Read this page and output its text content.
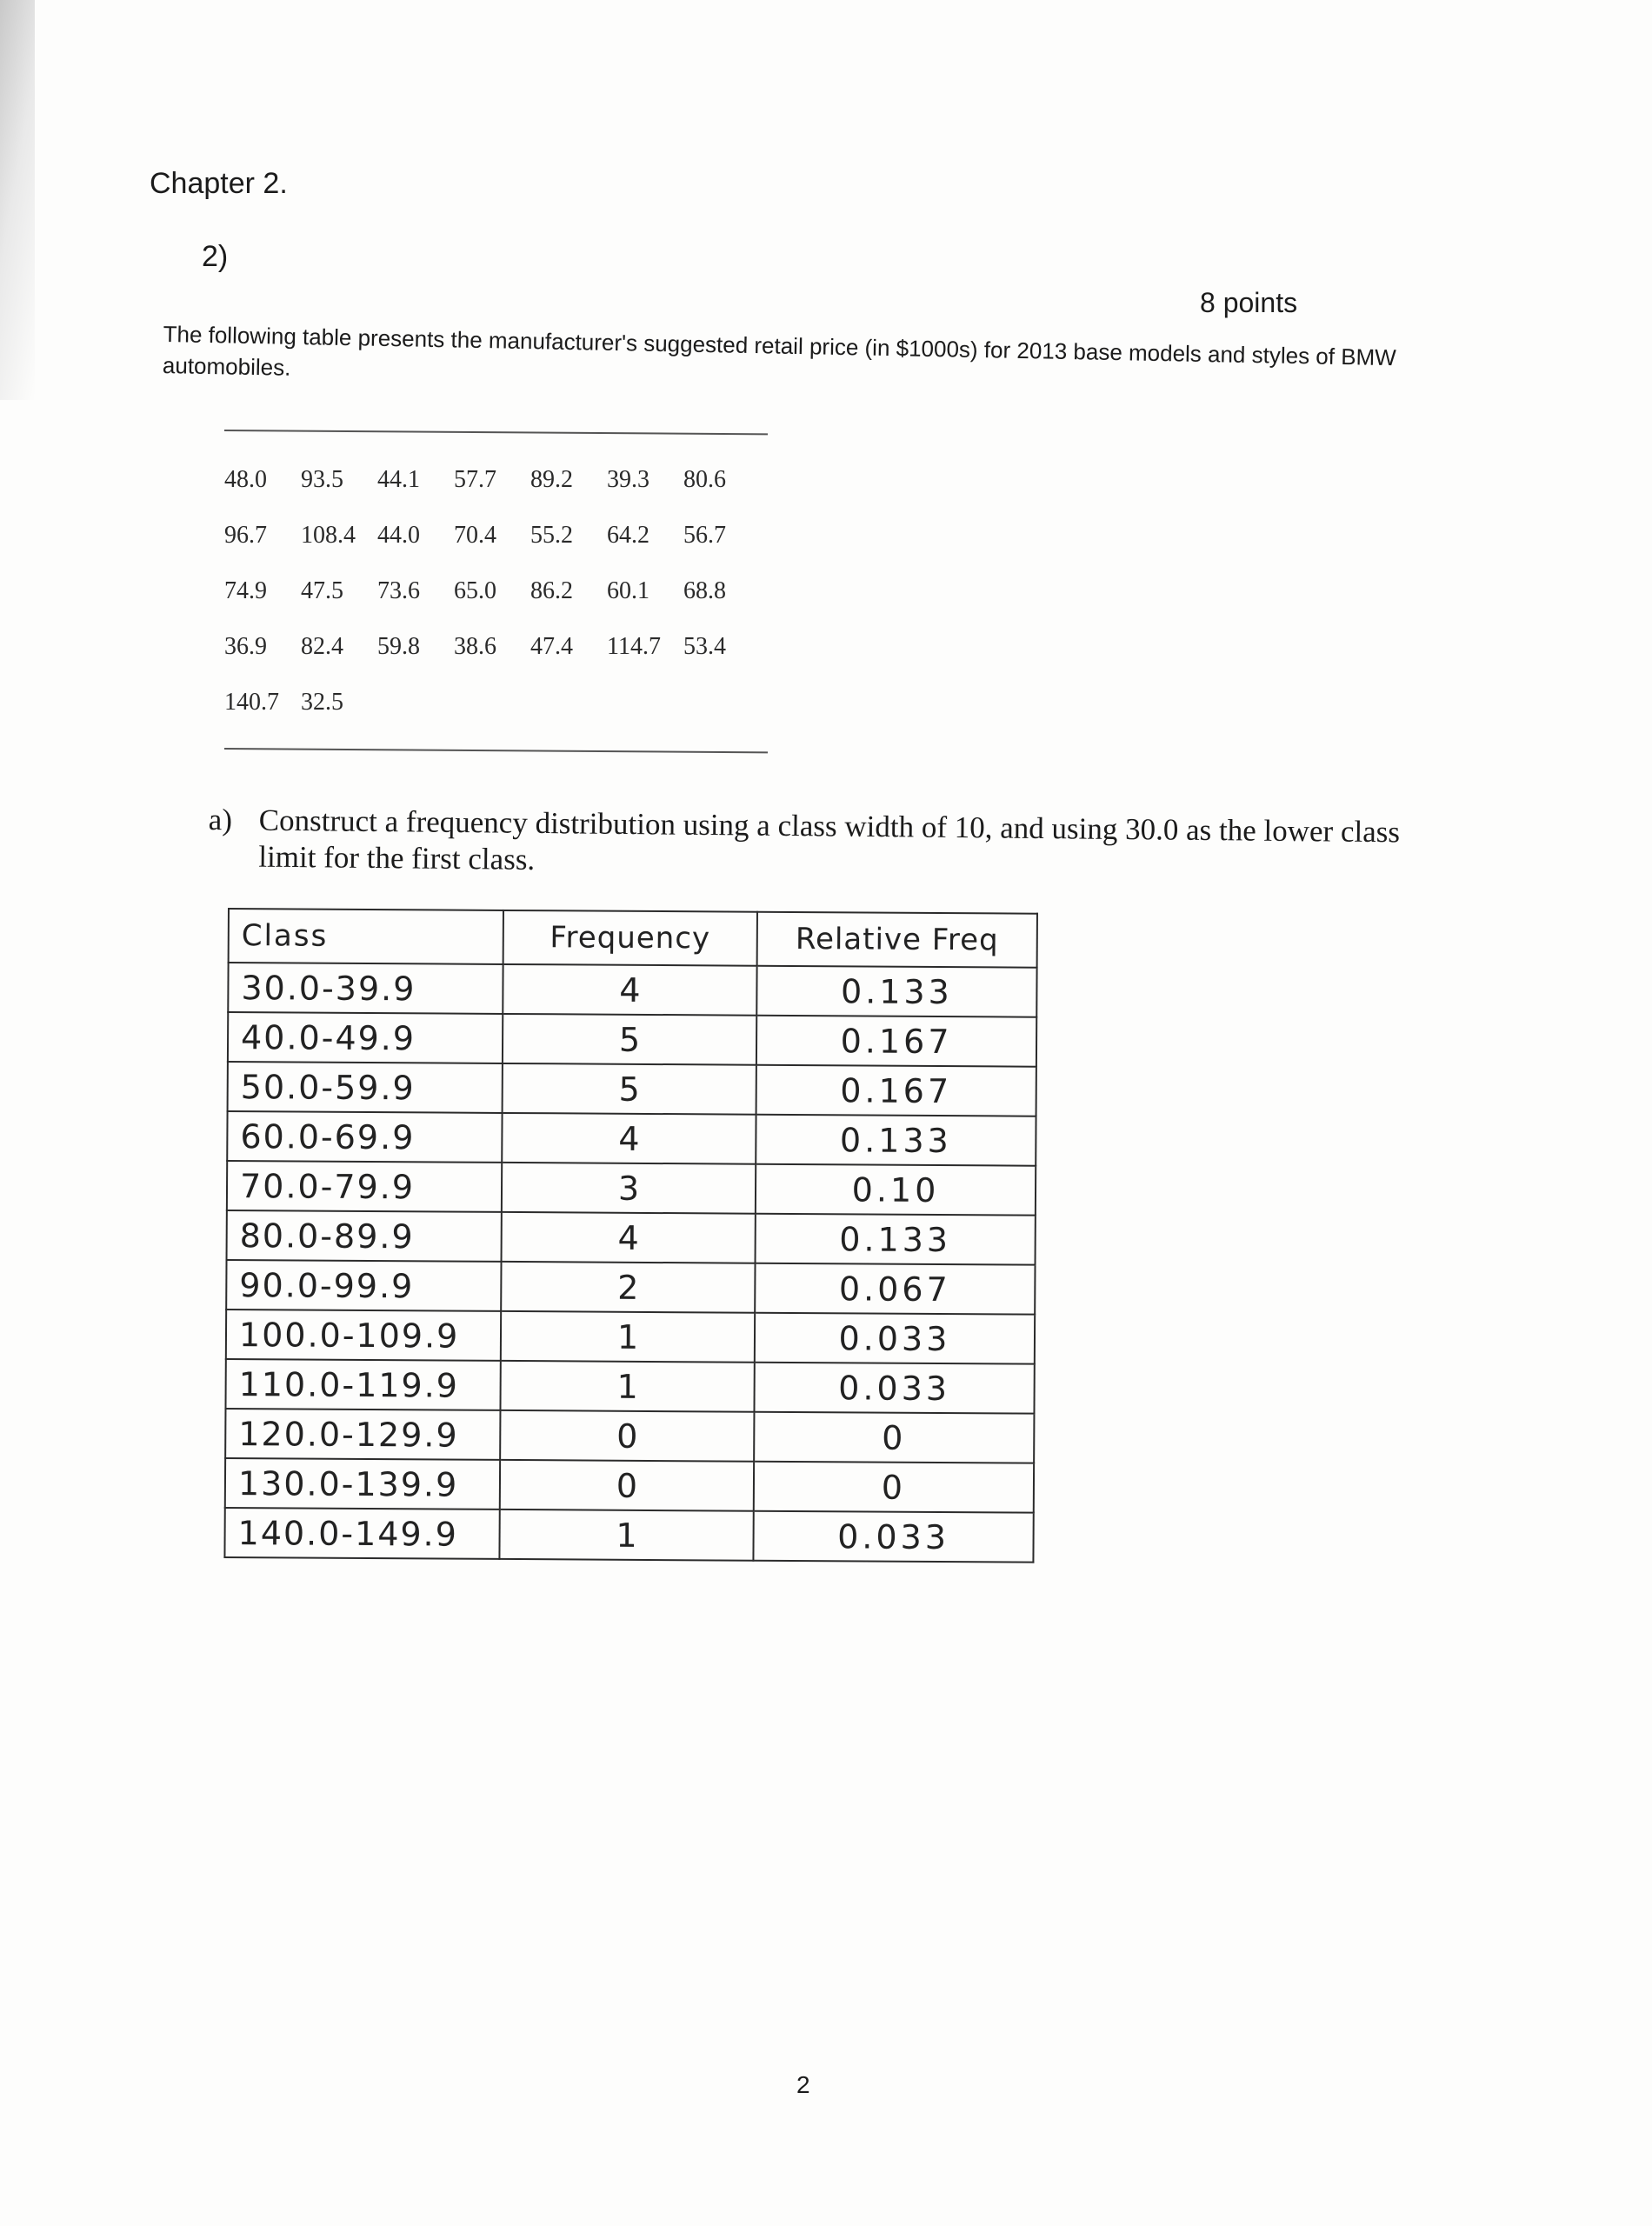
Chapter 2.
2)
8 points
The following table presents the manufacturer's suggested retail price (in $1000s) for 2013 base models and styles of BMW automobiles.
48.0	93.5	44.1	57.7	89.2	39.3	80.6
96.7	108.4 44.0	70.4	55.2	64.2	56.7
74.9	47.5	73.6	65.0	86.2	60.1	68.8
36.9	82.4	59.8	38.6	47.4	114.7 53.4
140.7 32.5
a) Construct a frequency distribution using a class width of 10, and using 30.0 as the lower class limit for the first class.
Class	Frequency	Relative Freq
30.0-39.9	4	0.133
40.0-49.9	5	0.167
50.0-59.9	5	0.167
60.0-69.9	4	0.133
70.0-79.9	3	0.10
80.0-89.9	4	0.133
90.0-99.9	2	0.067
100.0-109.9	1	0.033
110.0-119.9	1	0.033
120.0-129.9	0	0
130.0-139.9	0	0
140.0-149.9	1	0.033
2
